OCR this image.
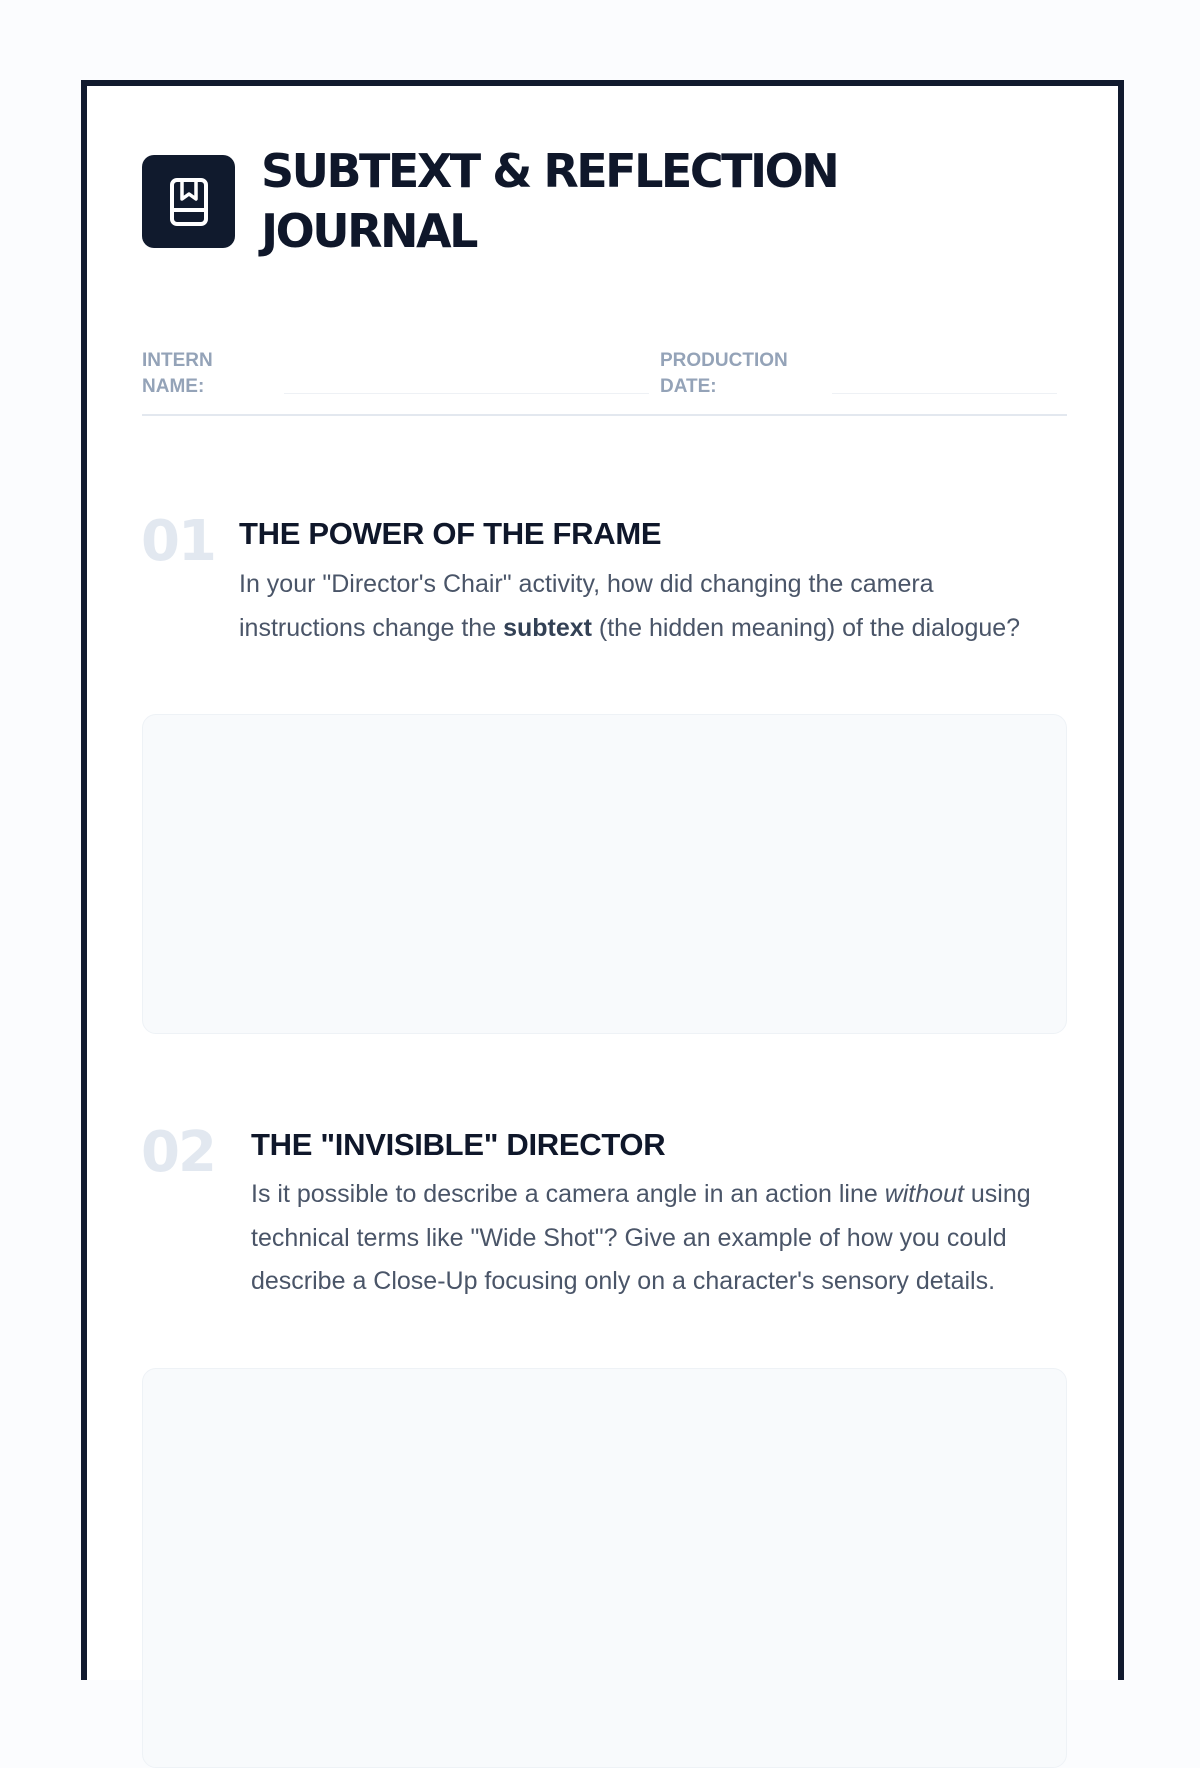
SUBTEXT & REFLECTION JOURNAL
INTERN NAME:
PRODUCTION DATE:
01 THE POWER OF THE FRAME

In your "Director's Chair" activity, how did changing the camera instructions change the subtext (the hidden meaning) of the dialogue?

02 THE "INVISIBLE" DIRECTOR

Is it possible to describe a camera angle in an action line without using technical terms like "Wide Shot"? Give an example of how you could describe a Close-Up focusing only on a character's sensory details.
